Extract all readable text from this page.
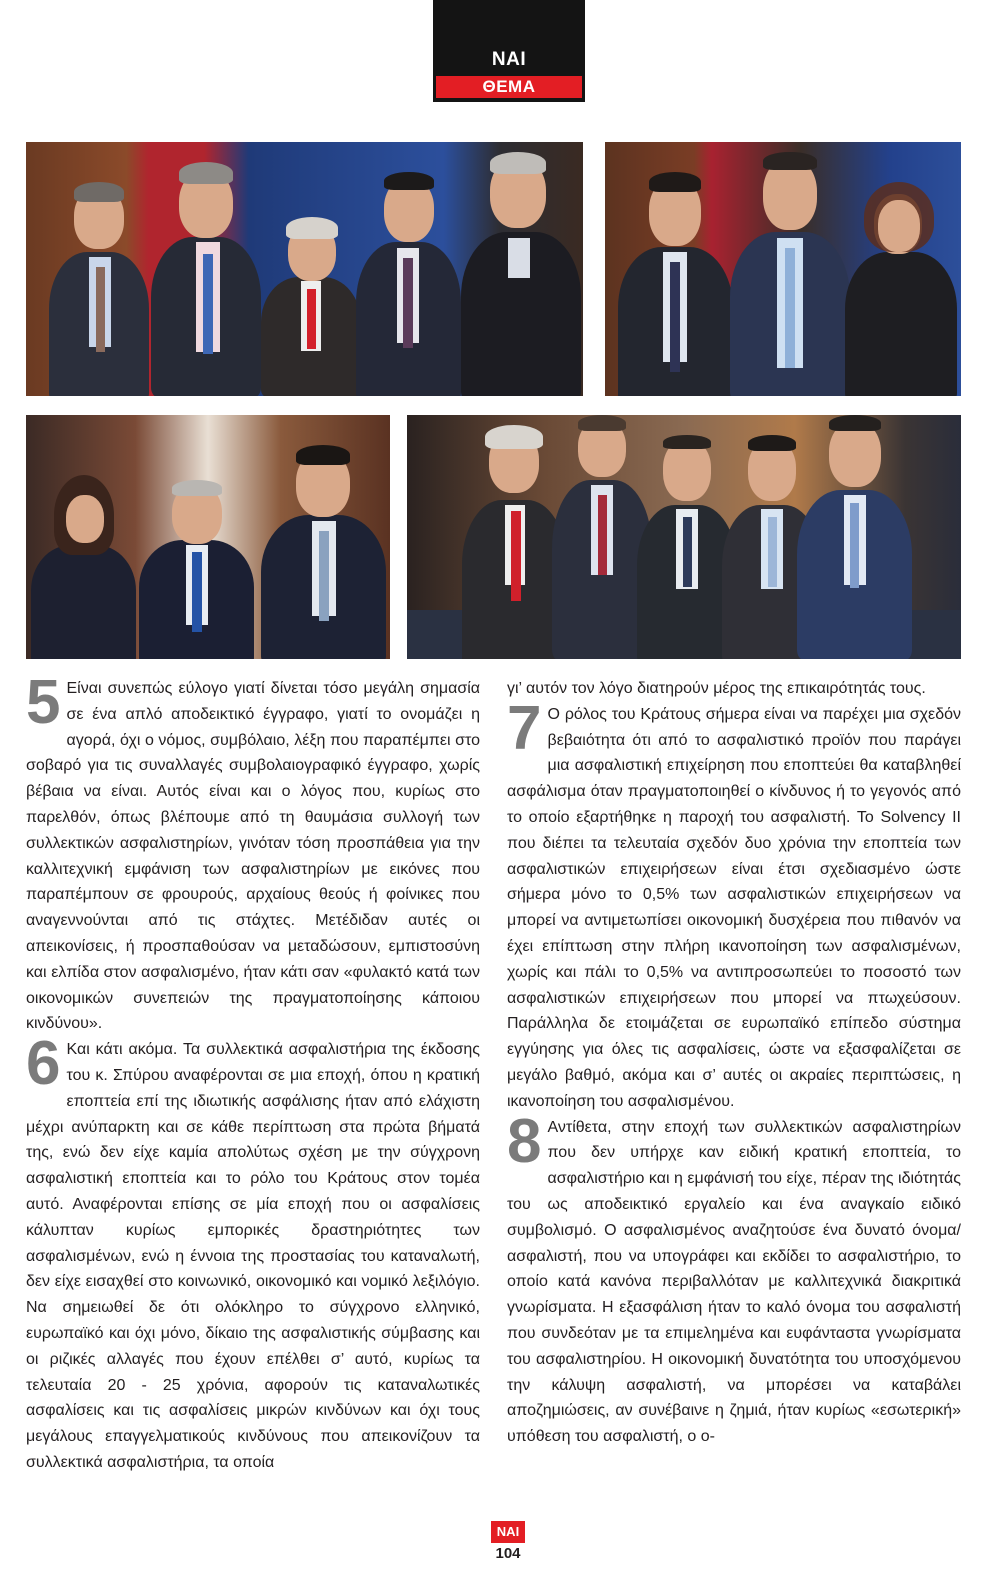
ΝΑΙ
ΘΕΜΑ

5 Είναι συνεπώς εύλογο γιατί δίνεται τόσο μεγάλη σημασία σε ένα απλό αποδεικτικό έγγραφο, γιατί το ονομάζει η αγορά, όχι ο νόμος, συμβόλαιο, λέξη που παραπέμπει στο σοβαρό για τις συναλλαγές συμβολαιογραφικό έγγραφο, χωρίς βέβαια να είναι. Αυτός είναι και ο λόγος που, κυρίως στο παρελθόν, όπως βλέπουμε από τη θαυμάσια συλλογή των συλλεκτικών ασφαλιστηρίων, γινόταν τόση προσπάθεια για την καλλιτεχνική εμφάνιση των ασφαλιστηρίων με εικόνες που παραπέμπουν σε φρουρούς, αρχαίους θεούς ή φοίνικες που αναγεννούνται από τις στάχτες. Μετέδιδαν αυτές οι απεικονίσεις, ή προσπαθούσαν να μεταδώσουν, εμπιστοσύνη και ελπίδα στον ασφαλισμένο, ήταν κάτι σαν «φυλακτό κατά των οικονομικών συνεπειών της πραγματοποίησης κάποιου κινδύνου».

6 Και κάτι ακόμα. Τα συλλεκτικά ασφαλιστήρια της έκδοσης του κ. Σπύρου αναφέρονται σε μια εποχή, όπου η κρατική εποπτεία επί της ιδιωτικής ασφάλισης ήταν από ελάχιστη μέχρι ανύπαρκτη και σε κάθε περίπτωση στα πρώτα βήματά της, ενώ δεν είχε καμία απολύτως σχέση με την σύγχρονη ασφαλιστική εποπτεία και το ρόλο του Κράτους στον τομέα αυτό. Αναφέρονται επίσης σε μία εποχή που οι ασφαλίσεις κάλυπταν κυρίως εμπορικές δραστηριότητες των ασφαλισμένων, ενώ η έννοια της προστασίας του καταναλωτή, δεν είχε εισαχθεί στο κοινωνικό, οικονομικό και νομικό λεξιλόγιο. Να σημειωθεί δε ότι ολόκληρο το σύγχρονο ελληνικό, ευρωπαϊκό και όχι μόνο, δίκαιο της ασφαλιστικής σύμβασης και οι ριζικές αλλαγές που έχουν επέλθει σ’ αυτό, κυρίως τα τελευταία 20 - 25 χρόνια, αφορούν τις καταναλωτικές ασφαλίσεις και τις ασφαλίσεις μικρών κινδύνων και όχι τους μεγάλους επαγγελματικούς κινδύνους που απεικονίζουν τα συλλεκτικά ασφαλιστήρια, τα οποία

γι’ αυτόν τον λόγο διατηρούν μέρος της επικαιρότητάς τους.

7 Ο ρόλος του Κράτους σήμερα είναι να παρέχει μια σχεδόν βεβαιότητα ότι από το ασφαλιστικό προϊόν που παράγει μια ασφαλιστική επιχείρηση που εποπτεύει θα καταβληθεί ασφάλισμα όταν πραγματοποιηθεί ο κίνδυνος ή το γεγονός από το οποίο εξαρτήθηκε η παροχή του ασφαλιστή. Το Solvency II που διέπει τα τελευταία σχεδόν δυο χρόνια την εποπτεία των ασφαλιστικών επιχειρήσεων είναι έτσι σχεδιασμένο ώστε σήμερα μόνο το 0,5% των ασφαλιστικών επιχειρήσεων να μπορεί να αντιμετωπίσει οικονομική δυσχέρεια που πιθανόν να έχει επίπτωση στην πλήρη ικανοποίηση των ασφαλισμένων, χωρίς και πάλι το 0,5% να αντιπροσωπεύει το ποσοστό των ασφαλιστικών επιχειρήσεων που μπορεί να πτωχεύσουν. Παράλληλα δε ετοιμάζεται σε ευρωπαϊκό επίπεδο σύστημα εγγύησης για όλες τις ασφαλίσεις, ώστε να εξασφαλίζεται σε μεγάλο βαθμό, ακόμα και σ’ αυτές οι ακραίες περιπτώσεις, η ικανοποίηση του ασφαλισμένου.

8 Αντίθετα, στην εποχή των συλλεκτικών ασφαλιστηρίων που δεν υπήρχε καν ειδική κρατική εποπτεία, το ασφαλιστήριο και η εμφάνισή του είχε, πέραν της ιδιότητάς του ως αποδεικτικό εργαλείο και ένα αναγκαίο ειδικό συμβολισμό. Ο ασφαλισμένος αναζητούσε ένα δυνατό όνομα/ ασφαλιστή, που να υπογράφει και εκδίδει το ασφαλιστήριο, το οποίο κατά κανόνα περιβαλλόταν με καλλιτεχνικά διακριτικά γνωρίσματα. Η εξασφάλιση ήταν το καλό όνομα του ασφαλιστή που συνδεόταν με τα επιμελημένα και ευφάνταστα γνωρίσματα του ασφαλιστηρίου. Η οικονομική δυνατότητα του υποσχόμενου την κάλυψη ασφαλιστή, να μπορέσει να καταβάλει αποζημιώσεις, αν συνέβαινε η ζημιά, ήταν κυρίως «εσωτερική» υπόθεση του ασφαλιστή, ο ο-

ΝΑΙ
104
